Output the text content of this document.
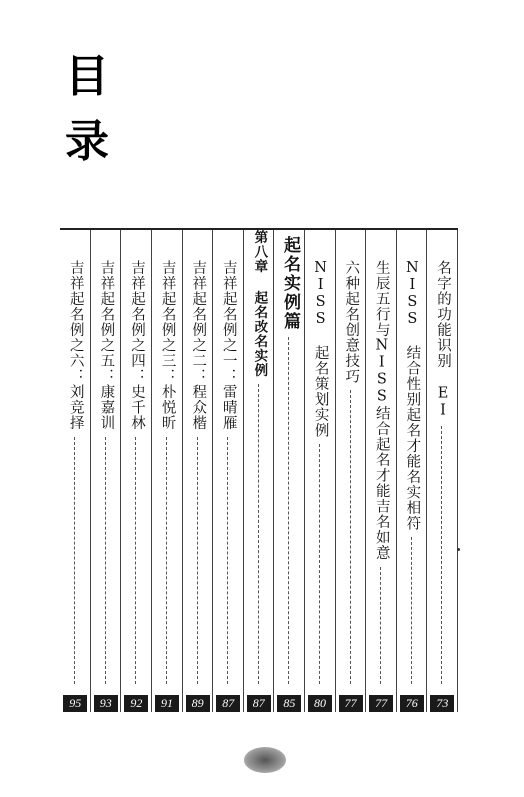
目
录
名字的功能识别 ΕΙ
73
NISS 结合性别起名才能名实相符
76
生辰五行与NISS结合起名才能吉名如意
77
六种起名创意技巧
77
NISS 起名策划实例
80
起名实例篇
85
第八章 起名改名实例
87
吉祥起名例之一：雷晴雁
87
吉祥起名例之二：程众楷
89
吉祥起名例之三：朴悦昕
91
吉祥起名例之四：史千林
92
吉祥起名例之五：康嘉训
93
吉祥起名例之六：刘竞择
95
